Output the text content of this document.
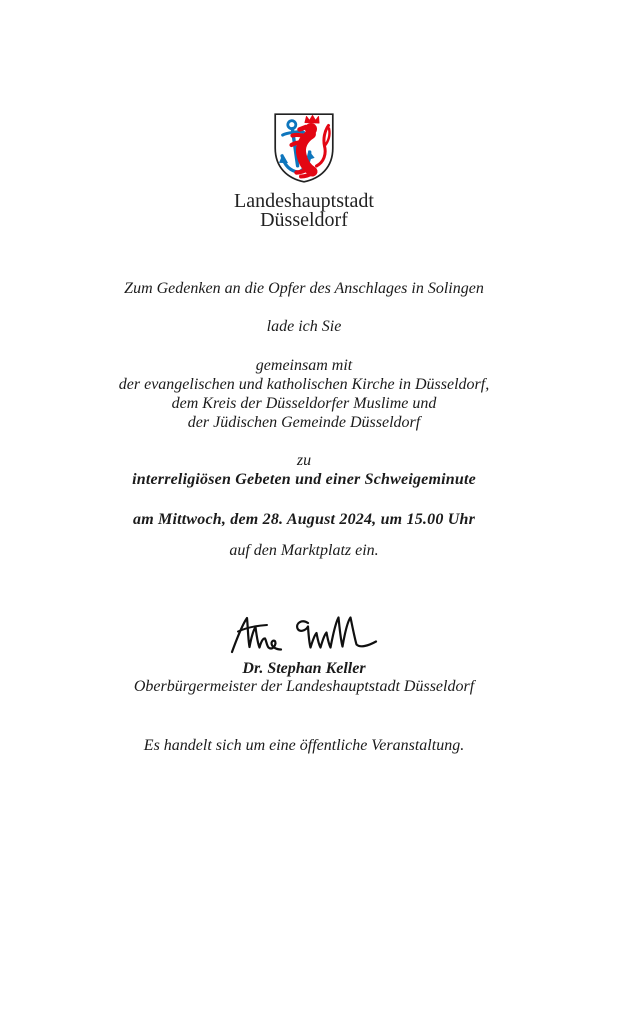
Landeshauptstadt
Düsseldorf

Zum Gedenken an die Opfer des Anschlages in Solingen

lade ich Sie

gemeinsam mit

der evangelischen und katholischen Kirche in Düsseldorf,

dem Kreis der Düsseldorfer Muslime und

der Jüdischen Gemeinde Düsseldorf

zu

interreligiösen Gebeten und einer Schweigeminute

am Mittwoch, dem 28. August 2024, um 15.00 Uhr

auf den Marktplatz ein.

Dr. Stephan Keller

Oberbürgermeister der Landeshauptstadt Düsseldorf

Es handelt sich um eine öffentliche Veranstaltung.
